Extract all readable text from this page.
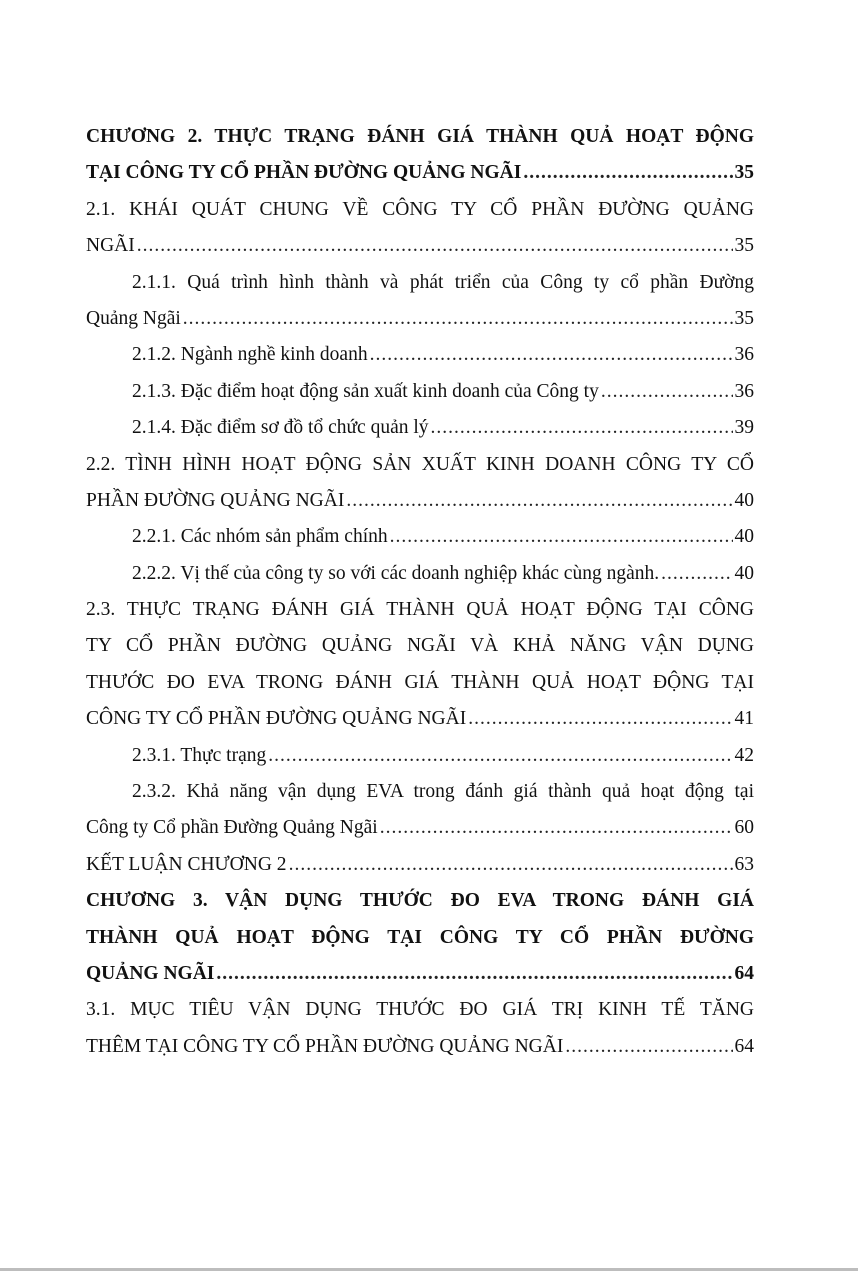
CHƯƠNG 2. THỰC TRẠNG ĐÁNH GIÁ THÀNH QUẢ HOẠT ĐỘNG
TẠI CÔNG TY CỔ PHẦN ĐƯỜNG QUẢNG NGÃI .....	35
2.1. KHÁI QUÁT CHUNG VỀ CÔNG TY CỔ PHẦN ĐƯỜNG QUẢNG
NGÃI .....	35
2.1.1. Quá trình hình thành và phát triển của Công ty cổ phần Đường
Quảng Ngãi .....	35
2.1.2. Ngành nghề kinh doanh .....	36
2.1.3. Đặc điểm hoạt động sản xuất kinh doanh của Công ty .....	36
2.1.4. Đặc điểm sơ đồ tổ chức quản lý .....	39
2.2. TÌNH HÌNH HOẠT ĐỘNG SẢN XUẤT KINH DOANH CÔNG TY CỔ
PHẦN ĐƯỜNG QUẢNG NGÃI .....	40
2.2.1. Các nhóm sản phẩm chính .....	40
2.2.2. Vị thế của công ty so với các doanh nghiệp khác cùng ngành. .....	40
2.3. THỰC TRẠNG ĐÁNH GIÁ THÀNH QUẢ HOẠT ĐỘNG TẠI CÔNG
TY CỔ PHẦN ĐƯỜNG QUẢNG NGÃI VÀ KHẢ NĂNG VẬN DỤNG
THƯỚC ĐO EVA TRONG ĐÁNH GIÁ THÀNH QUẢ HOẠT ĐỘNG TẠI
CÔNG TY CỔ PHẦN ĐƯỜNG QUẢNG NGÃI .....	41
2.3.1. Thực trạng .....	42
2.3.2. Khả năng vận dụng EVA trong đánh giá thành quả hoạt động tại
Công ty Cổ phần Đường Quảng Ngãi .....	60
KẾT LUẬN CHƯƠNG 2 .....	63
CHƯƠNG 3. VẬN DỤNG THƯỚC ĐO EVA TRONG ĐÁNH GIÁ
THÀNH QUẢ HOẠT ĐỘNG TẠI CÔNG TY CỔ PHẦN ĐƯỜNG
QUẢNG NGÃI .....	64
3.1. MỤC TIÊU VẬN DỤNG THƯỚC ĐO GIÁ TRỊ KINH TẾ TĂNG
THÊM TẠI CÔNG TY CỔ PHẦN ĐƯỜNG QUẢNG NGÃI .....	64
